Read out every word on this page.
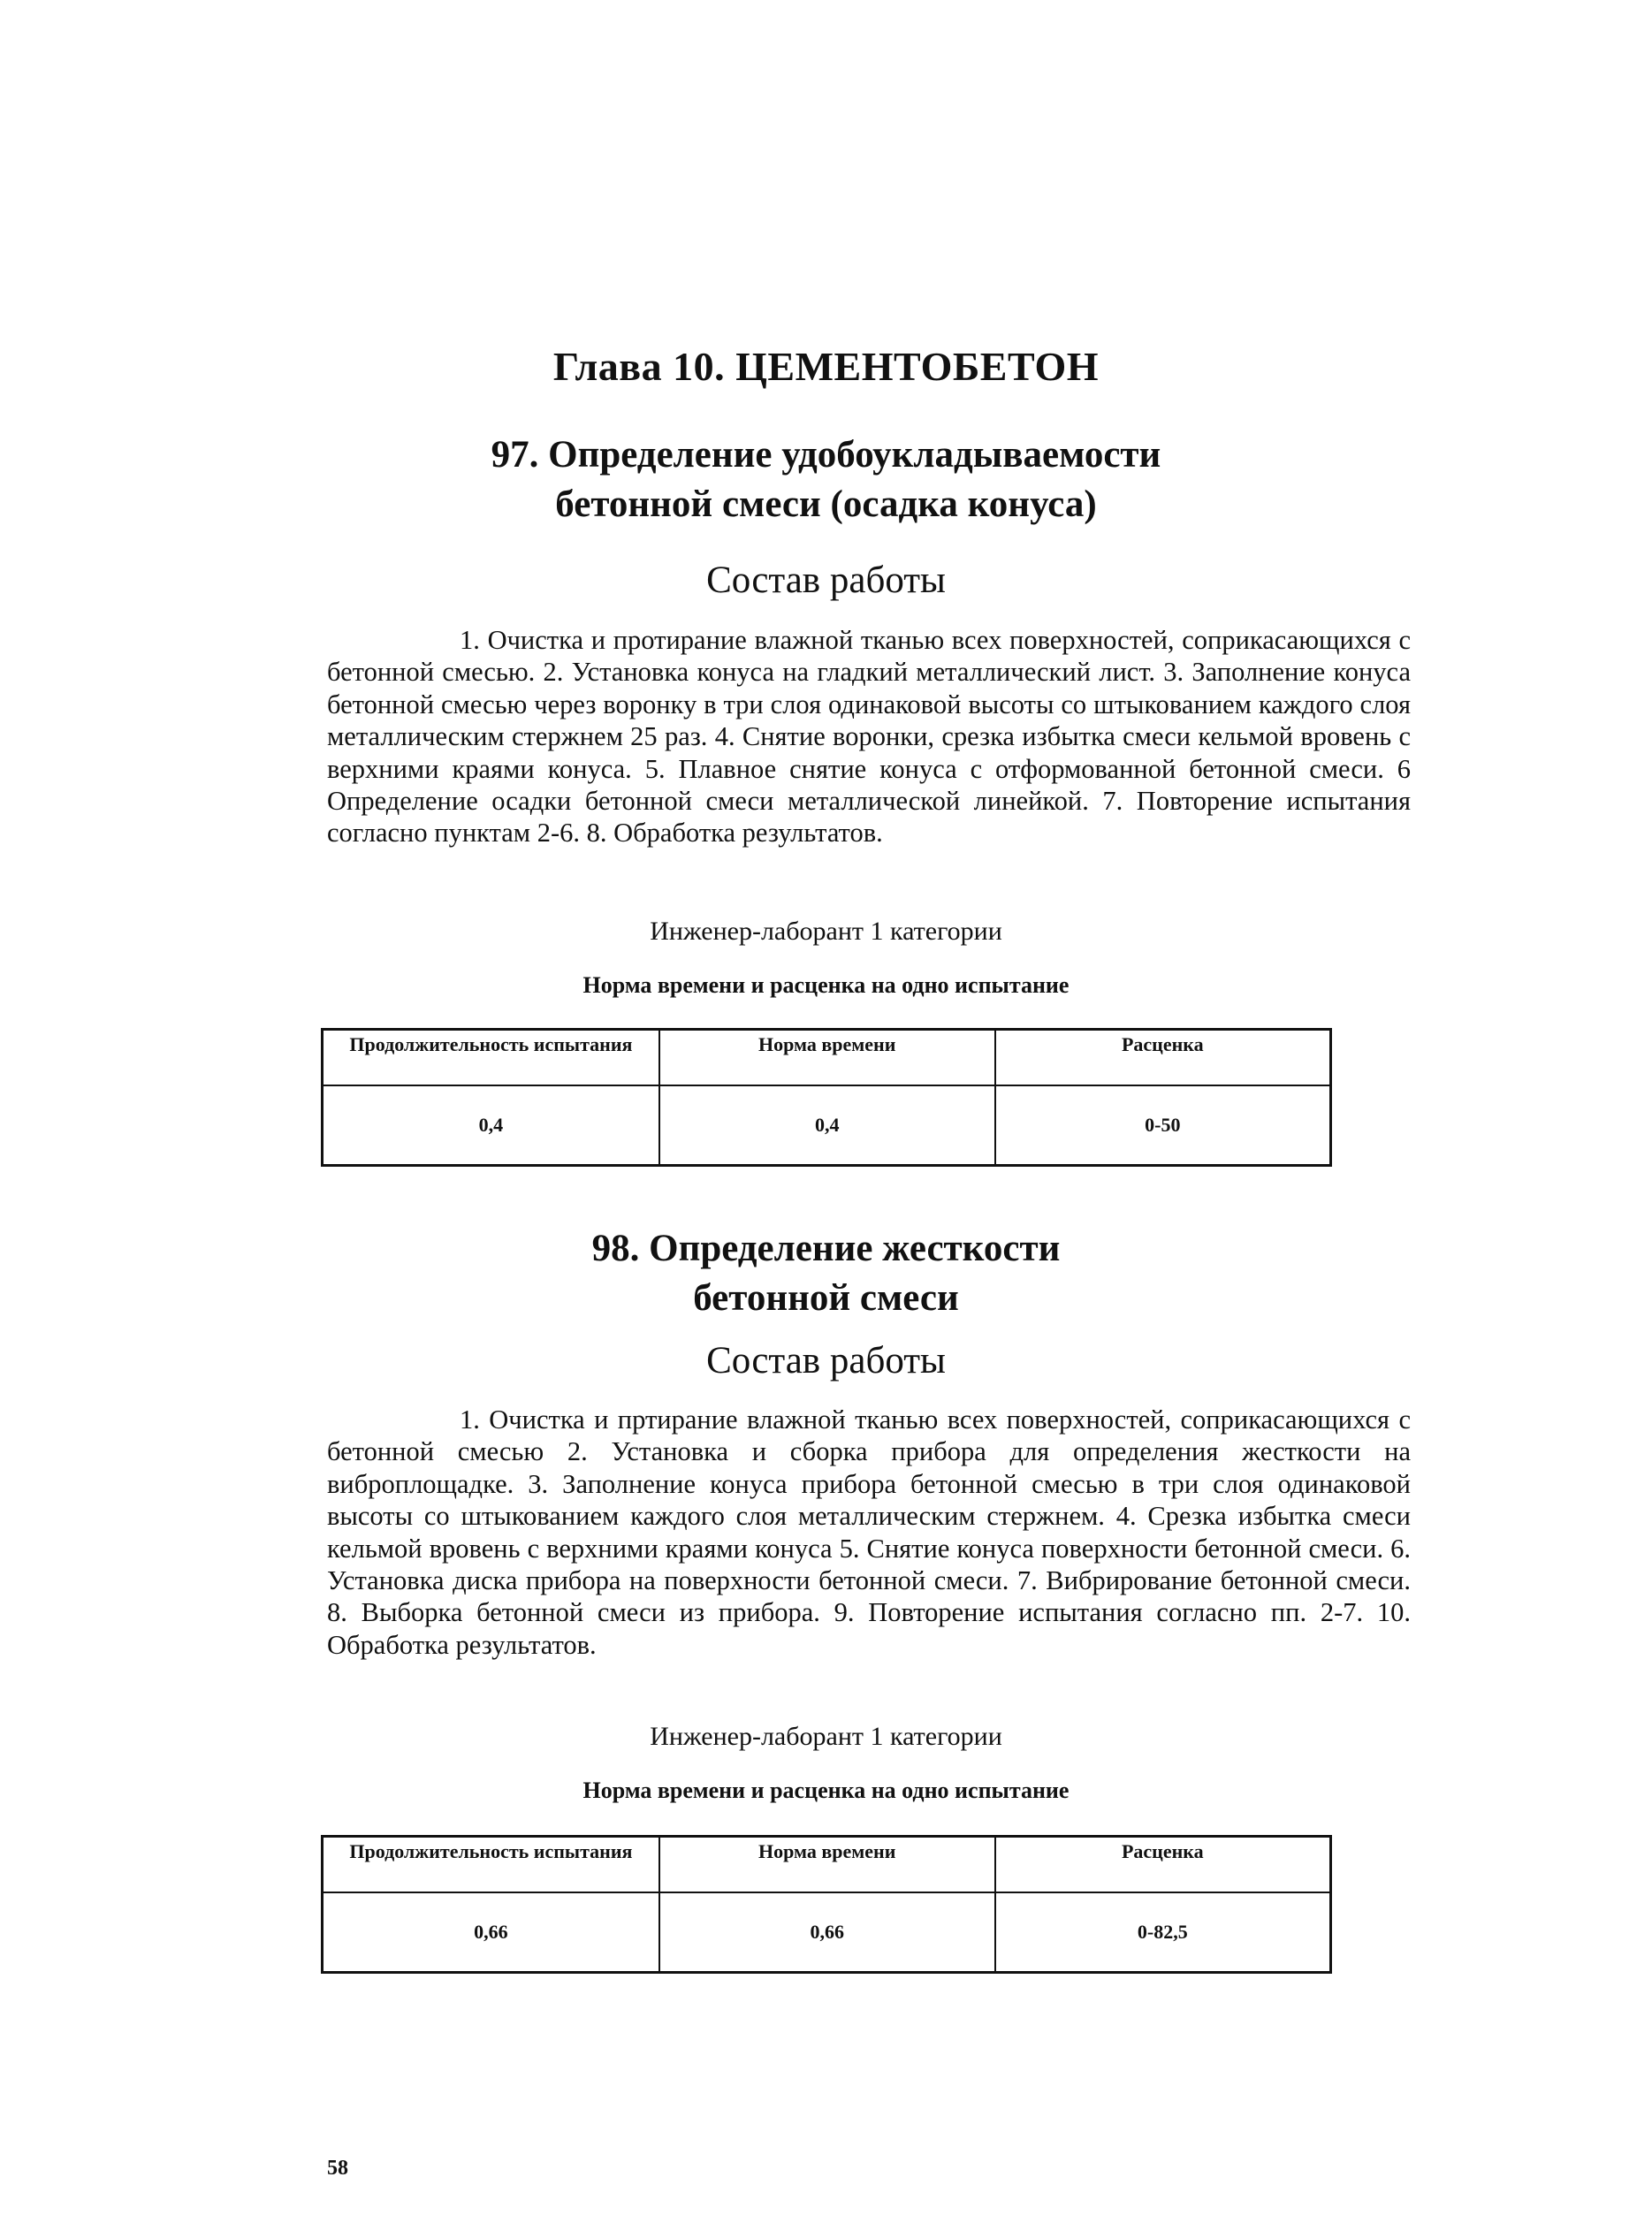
Глава 10. ЦЕМЕНТОБЕТОН
97. Определение удобоукладываемости
бетонной смеси (осадка конуса)
Состав работы

1. Очистка и протирание влажной тканью всех поверхностей, соприкасающихся с бетонной смесью. 2. Установка конуса на гладкий металлический лист. 3. Заполнение конуса бетонной смесью через воронку в три слоя одинаковой высоты со штыкованием каждого слоя металлическим стержнем 25 раз. 4. Снятие воронки, срезка избытка смеси кельмой вровень с верхними краями конуса. 5. Плавное снятие конуса с отформованной бетонной смеси. 6 Определение осадки бетонной смеси металлической линейкой. 7. Повторение испытания согласно пунктам 2-6. 8. Обработка результатов.

Инженер-лаборант 1 категории
Норма времени и расценка на одно испытание
Продолжительность испытания	Норма времени	Расценка
0,4	0,4	0-50
98. Определение жесткости
бетонной смеси
Состав работы

1. Очистка и пртирание влажной тканью всех поверхностей, соприкасающихся с бетонной смесью 2. Установка и сборка прибора для определения жесткости на виброплощадке. 3. Заполнение конуса прибора бетонной смесью в три слоя одинаковой высоты со штыкованием каждого слоя металлическим стержнем. 4. Срезка избытка смеси кельмой вровень с верхними краями конуса 5. Снятие конуса поверхности бетонной смеси. 6. Установка диска прибора на поверхности бетонной смеси. 7. Вибрирование бетонной смеси. 8. Выборка бетонной смеси из прибора. 9. Повторение испытания согласно пп. 2-7. 10. Обработка результатов.

Инженер-лаборант 1 категории
Норма времени и расценка на одно испытание
Продолжительность испытания	Норма времени	Расценка
0,66	0,66	0-82,5
58
